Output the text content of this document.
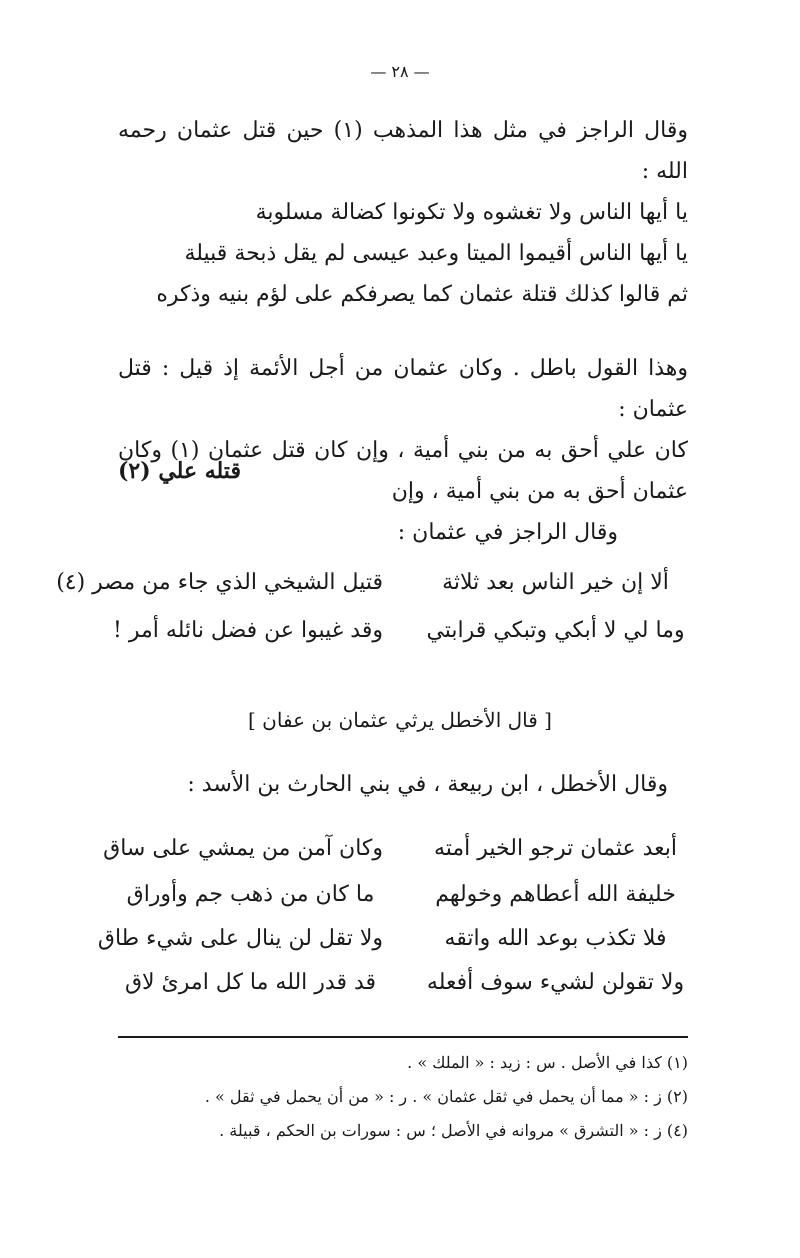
— ٢٨ —
وقال الراجز في مثل هذا المذهب (١) حين قتل عثمان رحمه الله :
يا أيها الناس ولا تغشوه ولا تكونوا كضالة مسلوبة
يا أيها الناس أقيموا الميتا وعبد عيسى لم يقل ذبحة قبيلة
ثم قالوا كذلك قتلة عثمان كما يصرفكم على لؤم بنيه وذكره
وهذا القول باطل . وكان عثمان من أجل الأئمة إذ قيل : قتل عثمان :
كان علي أحق به من بني أمية ، وإن كان قتل عثمان (١) وكان عثمان أحق به من بني أمية ، وإن
قتله علي (٢)
وقال الراجز في عثمان :
ألا إن خير الناس بعد ثلاثة
قتيل الشيخي الذي جاء من مصر (٤)
وما لي لا أبكي وتبكي قرابتي
وقد غيبوا عن فضل نائله أمر !
[ قال الأخطل يرثي عثمان بن عفان ]
وقال الأخطل ، ابن ربيعة ، في بني الحارث بن الأسد :
أبعد عثمان ترجو الخير أمته
وكان آمن من يمشي على ساق
خليفة الله أعطاهم وخولهم
ما كان من ذهب جم وأوراق
فلا تكذب بوعد الله واتقه
ولا تقل لن ينال على شيء طاق
ولا تقولن لشيء سوف أفعله
قد قدر الله ما كل امرئ لاق
(١) كذا في الأصل . س : زيد : « الملك » .
(٢) ز : « مما أن يحمل في ثقل عثمان » . ر : « من أن يحمل في ثقل » .
(٤) ز : « التشرق » مروانه في الأصل ؛ س : سورات بن الحكم ، قبيلة .
